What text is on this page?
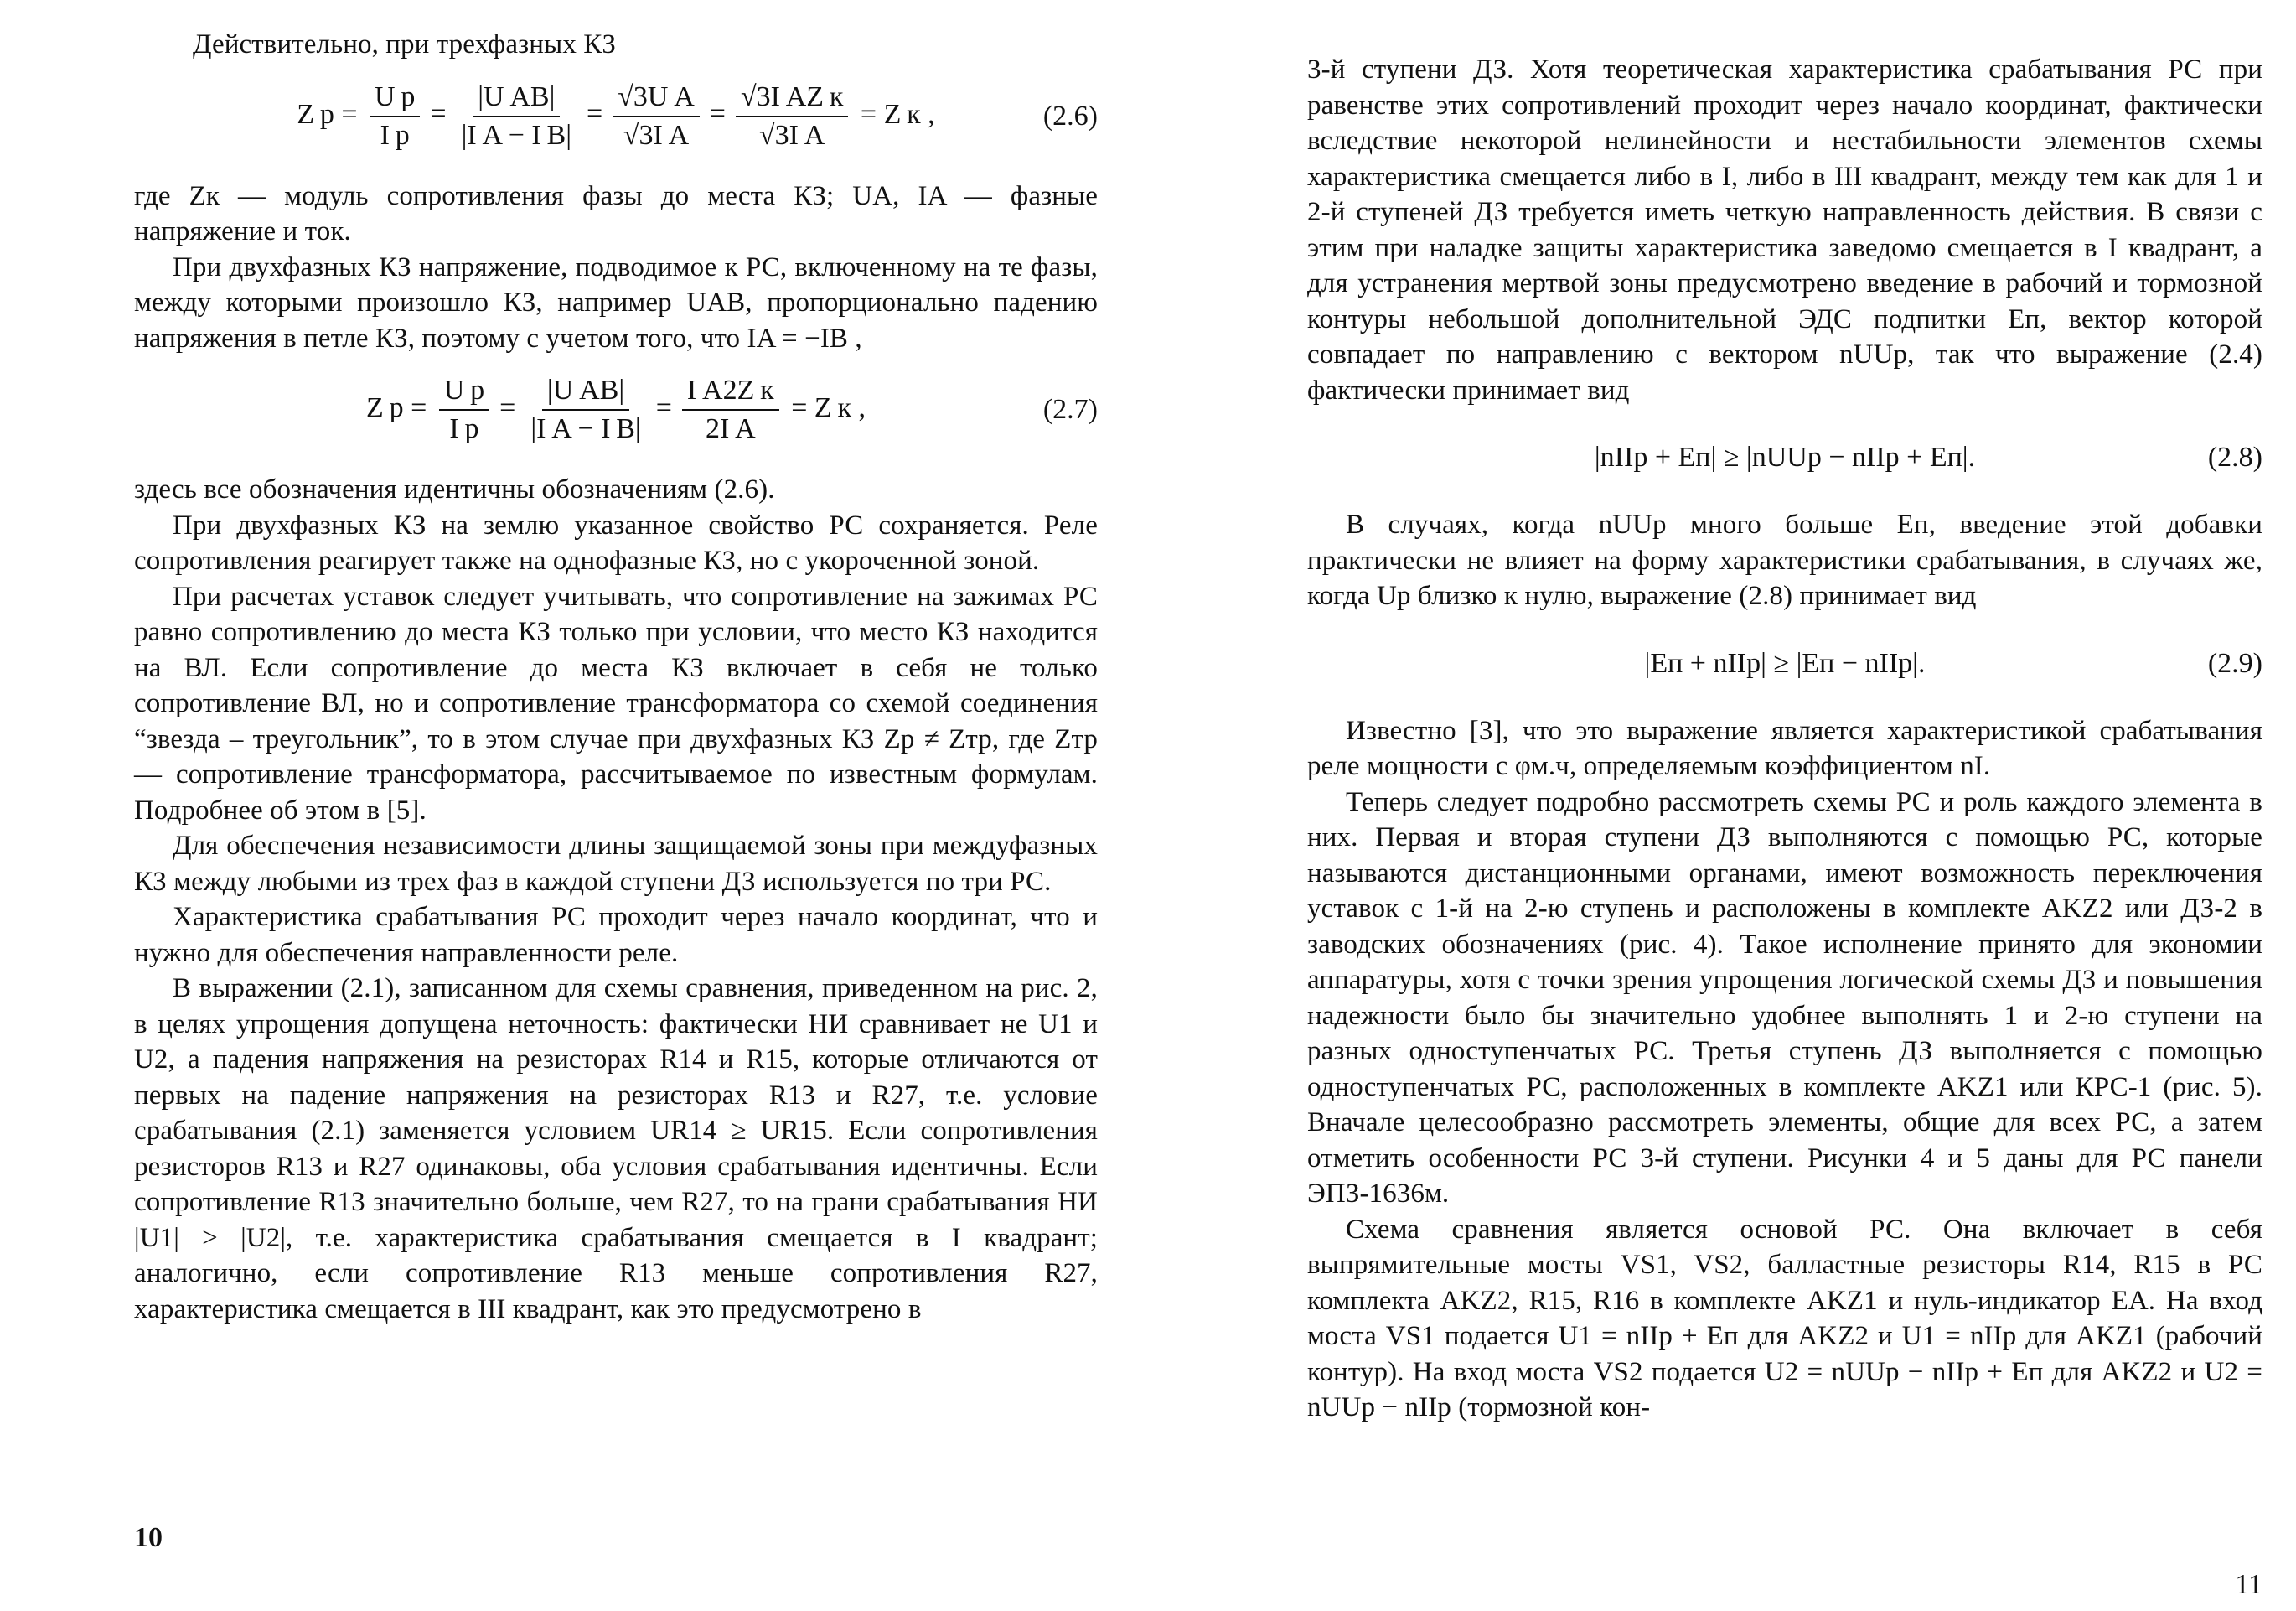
Действительно, при трехфазных КЗ

Z $р = \frac{\text{U р}}{\text{I р}} = \frac{\text{|U AB|}}{\text{|I A − I B|}} = \frac{\text{√3U A}}{\text{√3I A}} = \frac{\text{√3I AZ к}}{\text{√3I A}} = Z$ к ,	(2.6)

где Zк — модуль сопротивления фазы до места КЗ; UA, IA — фазные напряжение и ток.

При двухфазных КЗ напряжение, подводимое к РС, включенному на те фазы, между которыми произошло КЗ, например UAB, пропорционально падению напряжения в петле КЗ, поэтому с учетом того, что IA = −IB ,

Z $р = \frac{\text{U р}}{\text{I р}} = \frac{\text{|U AB|}}{\text{|I A − I B|}} = \frac{\text{I A2Z к}}{\text{2I A}} = Z$ к ,	(2.7)

здесь все обозначения идентичны обозначениям (2.6).

При двухфазных КЗ на землю указанное свойство РС сохраняется. Реле сопротивления реагирует также на однофазные КЗ, но с укороченной зоной.

При расчетах уставок следует учитывать, что сопротивление на зажимах РС равно сопротивлению до места КЗ только при условии, что место КЗ находится на ВЛ. Если сопротивление до места КЗ включает в себя не только сопротивление ВЛ, но и сопротивление трансформатора со схемой соединения “звезда – треугольник”, то в этом случае при двухфазных КЗ Zр ≠ Zтр, где Zтр — сопротивление трансформатора, рассчитываемое по известным формулам. Подробнее об этом в [5].

Для обеспечения независимости длины защищаемой зоны при междуфазных КЗ между любыми из трех фаз в каждой ступени ДЗ используется по три РС.

Характеристика срабатывания РС проходит через начало координат, что и нужно для обеспечения направленности реле.

В выражении (2.1), записанном для схемы сравнения, приведенном на рис. 2, в целях упрощения допущена неточность: фактически НИ сравнивает не U1 и U2, а падения напряжения на резисторах R14 и R15, которые отличаются от первых на падение напряжения на резисторах R13 и R27, т.е. условие срабатывания (2.1) заменяется условием UR14 ≥ UR15. Если сопротивления резисторов R13 и R27 одинаковы, оба условия срабатывания идентичны. Если сопротивление R13 значительно больше, чем R27, то на грани срабатывания НИ |U1| > |U2|, т.е. характеристика срабатывания смещается в I квадрант; аналогично, если сопротивление R13 меньше сопротивления R27, характеристика смещается в III квадрант, как это предусмотрено в

10

3-й ступени ДЗ. Хотя теоретическая характеристика срабатывания РС при равенстве этих сопротивлений проходит через начало координат, фактически вследствие некоторой нелинейности и нестабильности элементов схемы характеристика смещается либо в I, либо в III квадрант, между тем как для 1 и 2-й ступеней ДЗ требуется иметь четкую направленность действия. В связи с этим при наладке защиты характеристика заведомо смещается в I квадрант, а для устранения мертвой зоны предусмотрено введение в рабочий и тормозной контуры небольшой дополнительной ЭДС подпитки Eп, вектор которой совпадает по направлению с вектором nUUр, так что выражение (2.4) фактически принимает вид

|nIIр + Eп| ≥ |nUUр − nIIр + Eп|.	(2.8)

В случаях, когда nUUр много больше Eп, введение этой добавки практически не влияет на форму характеристики срабатывания, в случаях же, когда Uр близко к нулю, выражение (2.8) принимает вид

|Eп + nIIр| ≥ |Eп − nIIр|.	(2.9)

Известно [3], что это выражение является характеристикой срабатывания реле мощности с φм.ч, определяемым коэффициентом nI.

Теперь следует подробно рассмотреть схемы РС и роль каждого элемента в них. Первая и вторая ступени ДЗ выполняются с помощью РС, которые называются дистанционными органами, имеют возможность переключения уставок с 1-й на 2-ю ступень и расположены в комплекте AKZ2 или ДЗ-2 в заводских обозначениях (рис. 4). Такое исполнение принято для экономии аппаратуры, хотя с точки зрения упрощения логической схемы ДЗ и повышения надежности было бы значительно удобнее выполнять 1 и 2-ю ступени на разных одноступенчатых РС. Третья ступень ДЗ выполняется с помощью одноступенчатых РС, расположенных в комплекте AKZ1 или КРС-1 (рис. 5). Вначале целесообразно рассмотреть элементы, общие для всех РС, а затем отметить особенности РС 3-й ступени. Рисунки 4 и 5 даны для РС панели ЭПЗ-1636м.

Схема сравнения является основой РС. Она включает в себя выпрямительные мосты VS1, VS2, балластные резисторы R14, R15 в РС комплекта AKZ2, R15, R16 в комплекте AKZ1 и нуль-индикатор EA. На вход моста VS1 подается U1 = nIIр + Eп для AKZ2 и U1 = nIIр для AKZ1 (рабочий контур). На вход моста VS2 подается U2 = nUUр − nIIр + Eп для AKZ2 и U2 = nUUр − nIIр (тормозной кон-

11
